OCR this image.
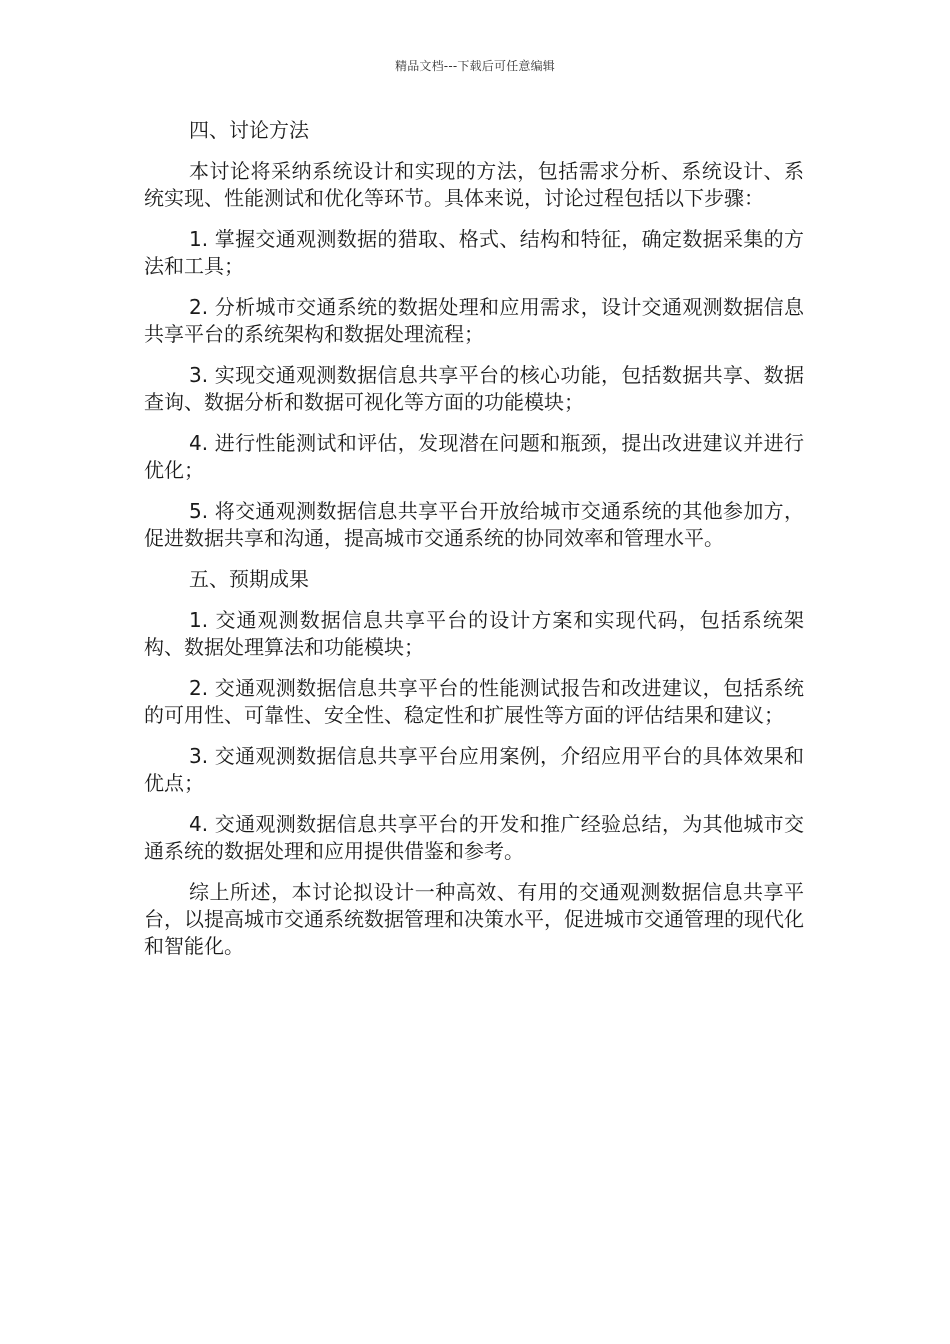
精品文档---下载后可任意编辑

四、讨论方法

本讨论将采纳系统设计和实现的方法，包括需求分析、系统设计、系统实现、性能测试和优化等环节。具体来说，讨论过程包括以下步骤：

1. 掌握交通观测数据的猎取、格式、结构和特征，确定数据采集的方法和工具；

2. 分析城市交通系统的数据处理和应用需求，设计交通观测数据信息共享平台的系统架构和数据处理流程；

3. 实现交通观测数据信息共享平台的核心功能，包括数据共享、数据查询、数据分析和数据可视化等方面的功能模块；

4. 进行性能测试和评估，发现潜在问题和瓶颈，提出改进建议并进行优化；

5. 将交通观测数据信息共享平台开放给城市交通系统的其他参加方，促进数据共享和沟通，提高城市交通系统的协同效率和管理水平。

五、预期成果

1. 交通观测数据信息共享平台的设计方案和实现代码，包括系统架构、数据处理算法和功能模块；

2. 交通观测数据信息共享平台的性能测试报告和改进建议，包括系统的可用性、可靠性、安全性、稳定性和扩展性等方面的评估结果和建议；

3. 交通观测数据信息共享平台应用案例，介绍应用平台的具体效果和优点；

4. 交通观测数据信息共享平台的开发和推广经验总结，为其他城市交通系统的数据处理和应用提供借鉴和参考。

综上所述，本讨论拟设计一种高效、有用的交通观测数据信息共享平台，以提高城市交通系统数据管理和决策水平，促进城市交通管理的现代化和智能化。
